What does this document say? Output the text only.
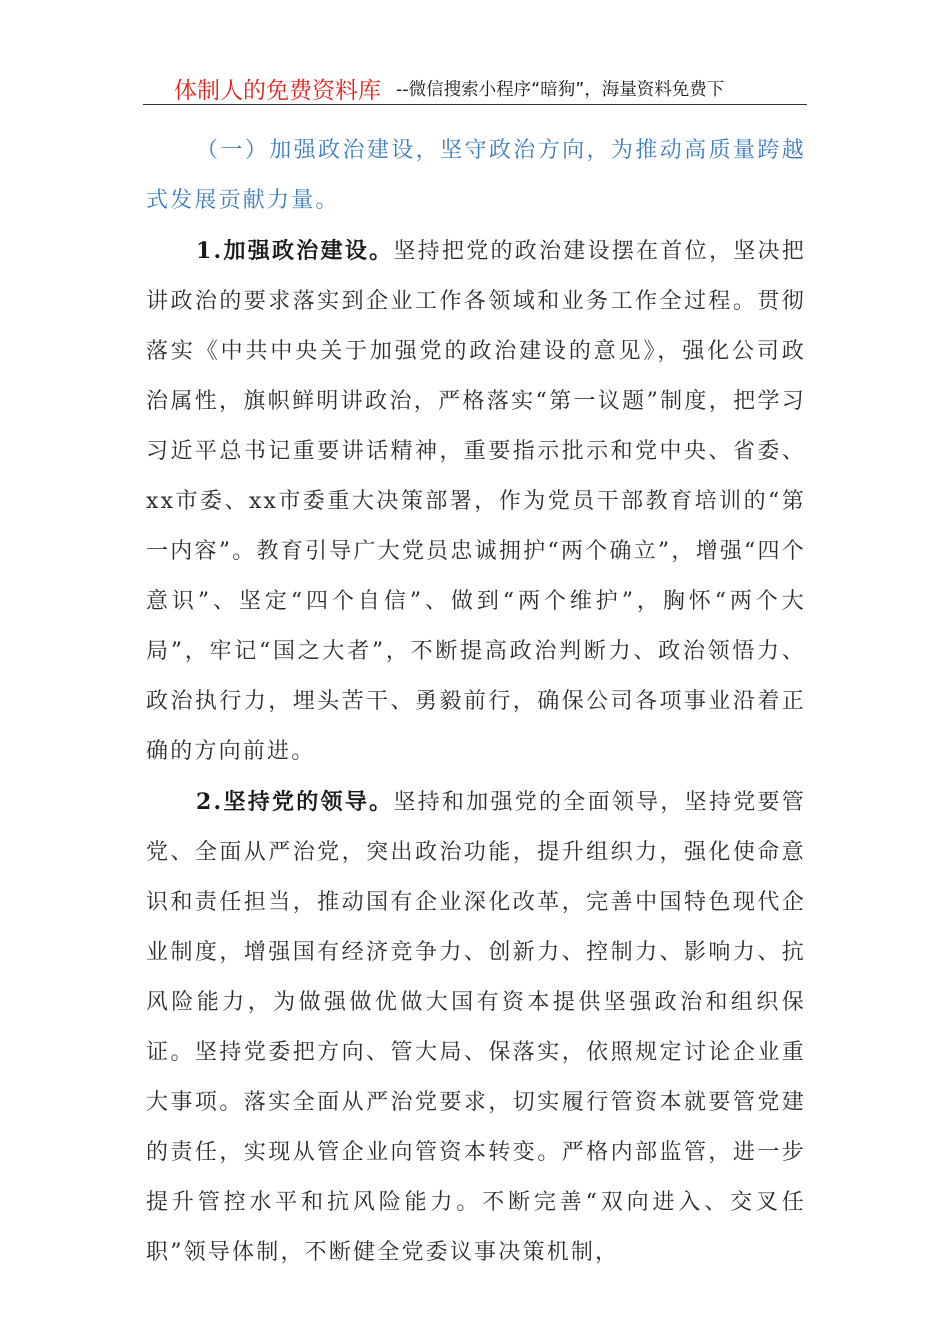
体制人的免费资料库 --微信搜索小程序“暗狗”，海量资料免费下

（一）加强政治建设，坚守政治方向，为推动高质量跨越式发展贡献力量。

1.加强政治建设。坚持把党的政治建设摆在首位，坚决把讲政治的要求落实到企业工作各领域和业务工作全过程。贯彻落实《中共中央关于加强党的政治建设的意见》，强化公司政治属性，旗帜鲜明讲政治，严格落实“第一议题”制度，把学习习近平总书记重要讲话精神，重要指示批示和党中央、省委、xx市委、xx市委重大决策部署，作为党员干部教育培训的“第一内容”。教育引导广大党员忠诚拥护“两个确立”，增强“四个意识”、坚定“四个自信”、做到“两个维护”，胸怀“两个大局”，牢记“国之大者”，不断提高政治判断力、政治领悟力、政治执行力，埋头苦干、勇毅前行，确保公司各项事业沿着正确的方向前进。

2.坚持党的领导。坚持和加强党的全面领导，坚持党要管党、全面从严治党，突出政治功能，提升组织力，强化使命意识和责任担当，推动国有企业深化改革，完善中国特色现代企业制度，增强国有经济竞争力、创新力、控制力、影响力、抗风险能力，为做强做优做大国有资本提供坚强政治和组织保证。坚持党委把方向、管大局、保落实，依照规定讨论企业重大事项。落实全面从严治党要求，切实履行管资本就要管党建的责任，实现从管企业向管资本转变。严格内部监管，进一步提升管控水平和抗风险能力。不断完善“双向进入、交叉任职”领导体制，不断健全党委议事决策机制，
